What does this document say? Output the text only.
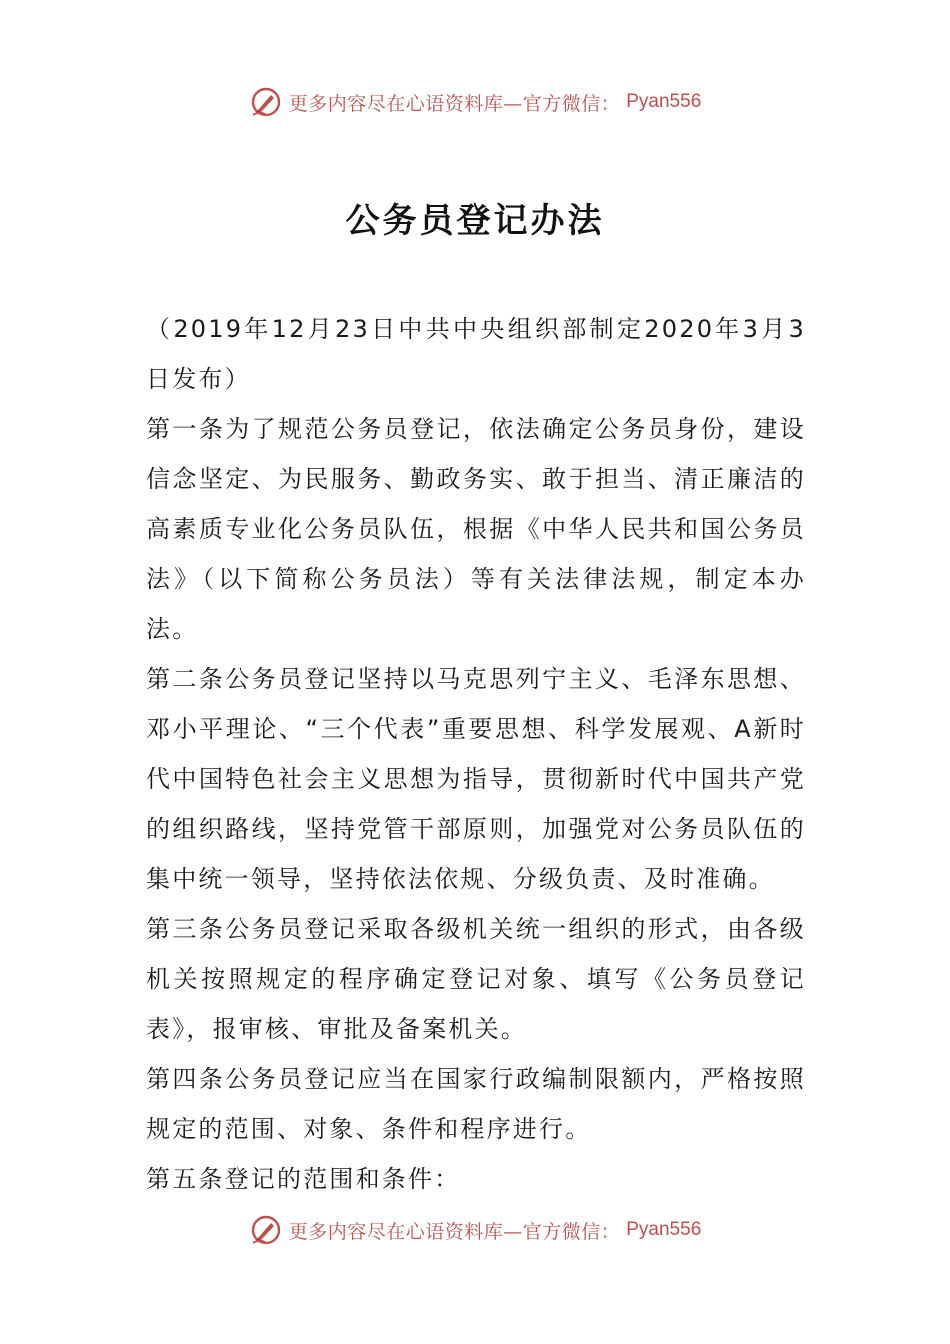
更多内容尽在心语资料库—官方微信： Pyan556
公务员登记办法

（2019年12月23日中共中央组织部制定2020年3月3日发布）

第一条为了规范公务员登记，依法确定公务员身份，建设信念坚定、为民服务、勤政务实、敢于担当、清正廉洁的高素质专业化公务员队伍，根据《中华人民共和国公务员法》（以下简称公务员法）等有关法律法规，制定本办法。

第二条公务员登记坚持以马克思列宁主义、毛泽东思想、邓小平理论、“三个代表”重要思想、科学发展观、A新时代中国特色社会主义思想为指导，贯彻新时代中国共产党的组织路线，坚持党管干部原则，加强党对公务员队伍的集中统一领导，坚持依法依规、分级负责、及时准确。

第三条公务员登记采取各级机关统一组织的形式，由各级机关按照规定的程序确定登记对象、填写《公务员登记表》，报审核、审批及备案机关。

第四条公务员登记应当在国家行政编制限额内，严格按照规定的范围、对象、条件和程序进行。

第五条登记的范围和条件：

更多内容尽在心语资料库—官方微信： Pyan556
